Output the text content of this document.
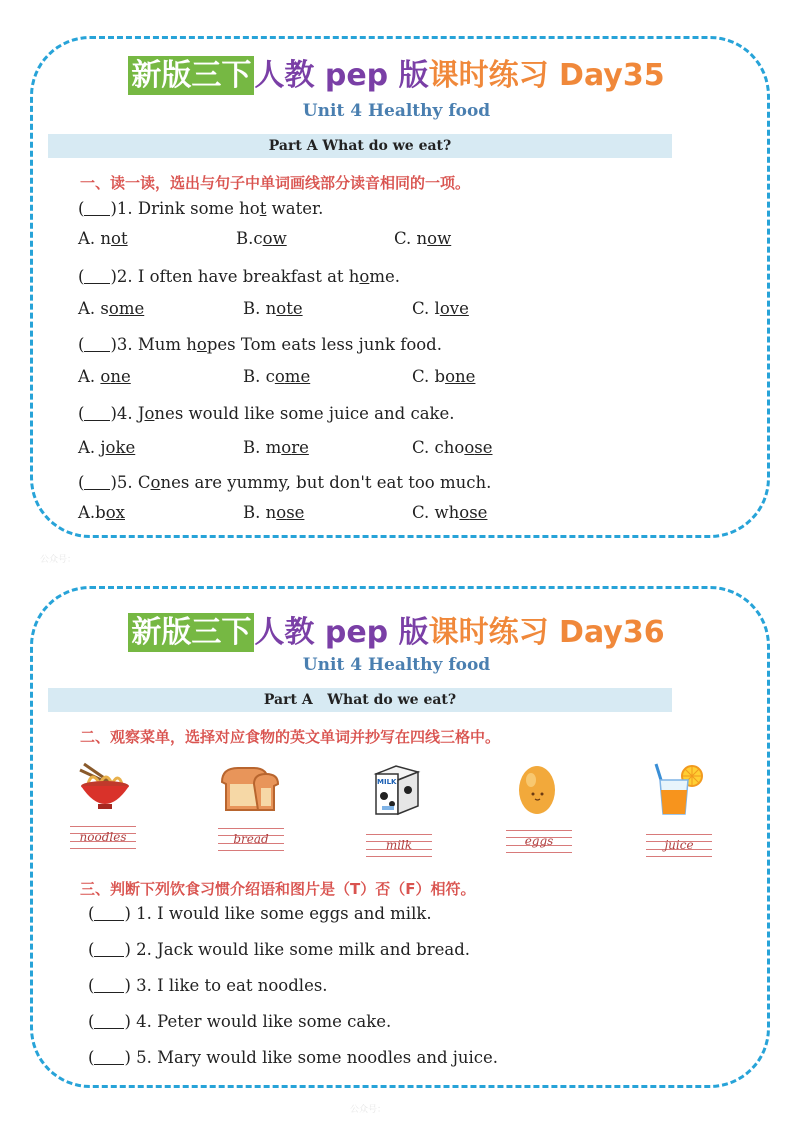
新版三下 人教 pep 版课时练习 Day35
Unit 4 Healthy food
Part A What do we eat?
一、读一读，选出与句子中单词画线部分读音相同的一项。
( )1. Drink some hot water.
A. not	B.cow	C. now
( )2. I often have breakfast at home.
A. some	B. note	C. love
( )3. Mum hopes Tom eats less junk food.
A. one	B. come	C. bone
( )4. Jones would like some juice and cake.
A. joke	B. more	C. choose
( )5. Cones are yummy, but don't eat too much.
A.box	B. nose	C. whose
新版三下 人教 pep 版课时练习 Day36
Unit 4 Healthy food
Part A   What do we eat?
二、观察菜单，选择对应食物的英文单词并抄写在四线三格中。
MILK
noodles	bread	milk	eggs	juice
三、判断下列饮食习惯介绍语和图片是（T）否（F）相符。
( ) 1. I would like some eggs and milk.
( ) 2. Jack would like some milk and bread.
( ) 3. I like to eat noodles.
( ) 4. Peter would like some cake.
( ) 5. Mary would like some noodles and juice.
公众号：
公众号：
